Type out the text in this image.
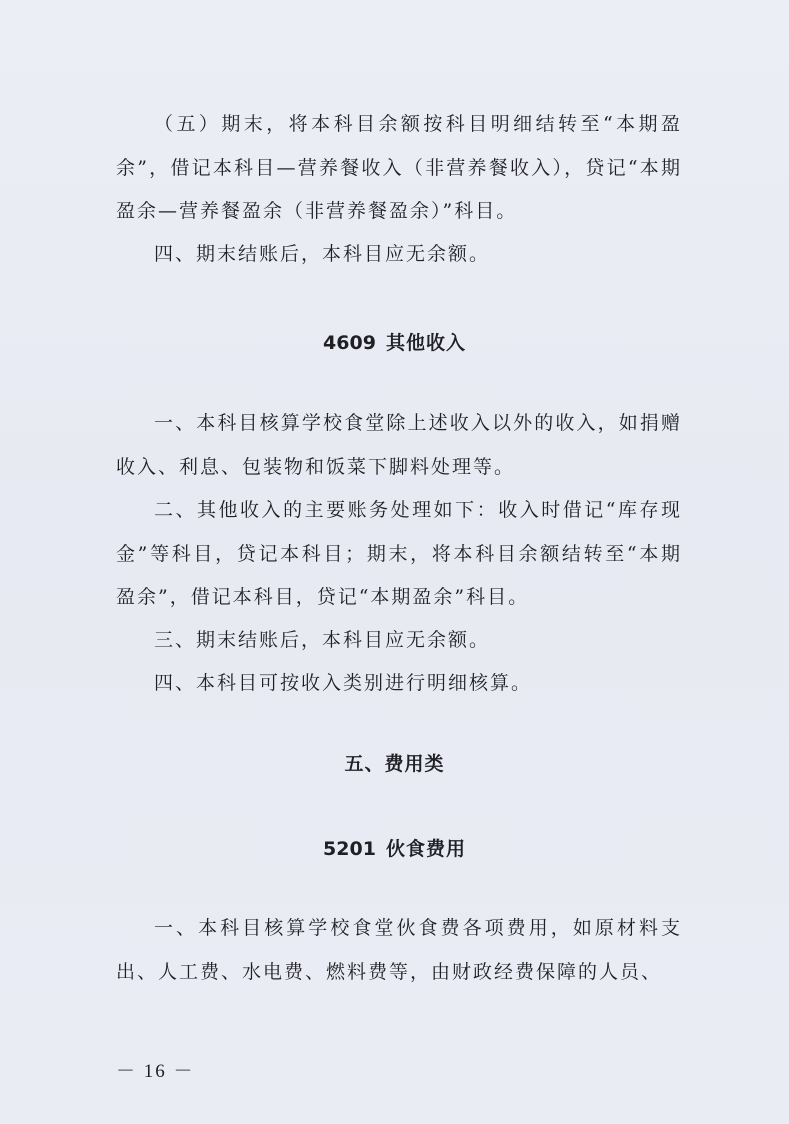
（五）期末，将本科目余额按科目明细结转至“本期盈余”，借记本科目—营养餐收入（非营养餐收入），贷记“本期盈余—营养餐盈余（非营养餐盈余）”科目。

四、期末结账后，本科目应无余额。

4609 其他收入

一、本科目核算学校食堂除上述收入以外的收入，如捐赠收入、利息、包装物和饭菜下脚料处理等。

二、其他收入的主要账务处理如下：收入时借记“库存现金”等科目，贷记本科目；期末，将本科目余额结转至“本期盈余”，借记本科目，贷记“本期盈余”科目。

三、期末结账后，本科目应无余额。

四、本科目可按收入类别进行明细核算。

五、费用类
5201 伙食费用

一、本科目核算学校食堂伙食费各项费用，如原材料支出、人工费、水电费、燃料费等，由财政经费保障的人员、

－ 16 －
